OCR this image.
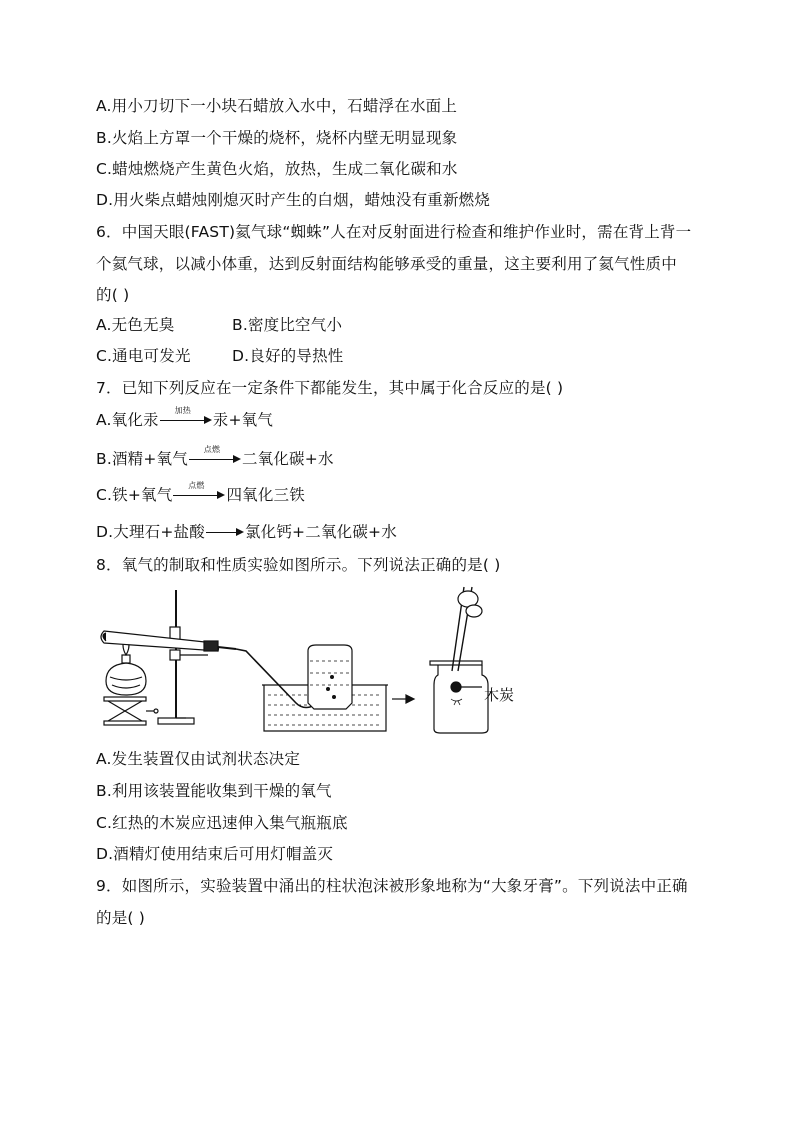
A.用小刀切下一小块石蜡放入水中，石蜡浮在水面上
B.火焰上方罩一个干燥的烧杯，烧杯内壁无明显现象
C.蜡烛燃烧产生黄色火焰，放热，生成二氧化碳和水
D.用火柴点蜡烛刚熄灭时产生的白烟，蜡烛没有重新燃烧
6．中国天眼(FAST)氦气球“蜘蛛”人在对反射面进行检查和维护作业时，需在背上背一
个氦气球，以减小体重，达到反射面结构能够承受的重量，这主要利用了氦气性质中
的( )
A.无色无臭	B.密度比空气小
C.通电可发光	D.良好的导热性
7．已知下列反应在一定条件下都能发生，其中属于化合反应的是( )
A.氧化汞
加热
汞+氧气
B.酒精+氧气
点燃
二氧化碳+水
C.铁+氧气
点燃
四氧化三铁
D.大理石+盐酸	氯化钙+二氧化碳+水
8．氧气的制取和性质实验如图所示。下列说法正确的是( )
木炭
A.发生装置仅由试剂状态决定
B.利用该装置能收集到干燥的氧气
C.红热的木炭应迅速伸入集气瓶瓶底
D.酒精灯使用结束后可用灯帽盖灭
9．如图所示，实验装置中涌出的柱状泡沫被形象地称为“大象牙膏”。下列说法中正确
的是( )
